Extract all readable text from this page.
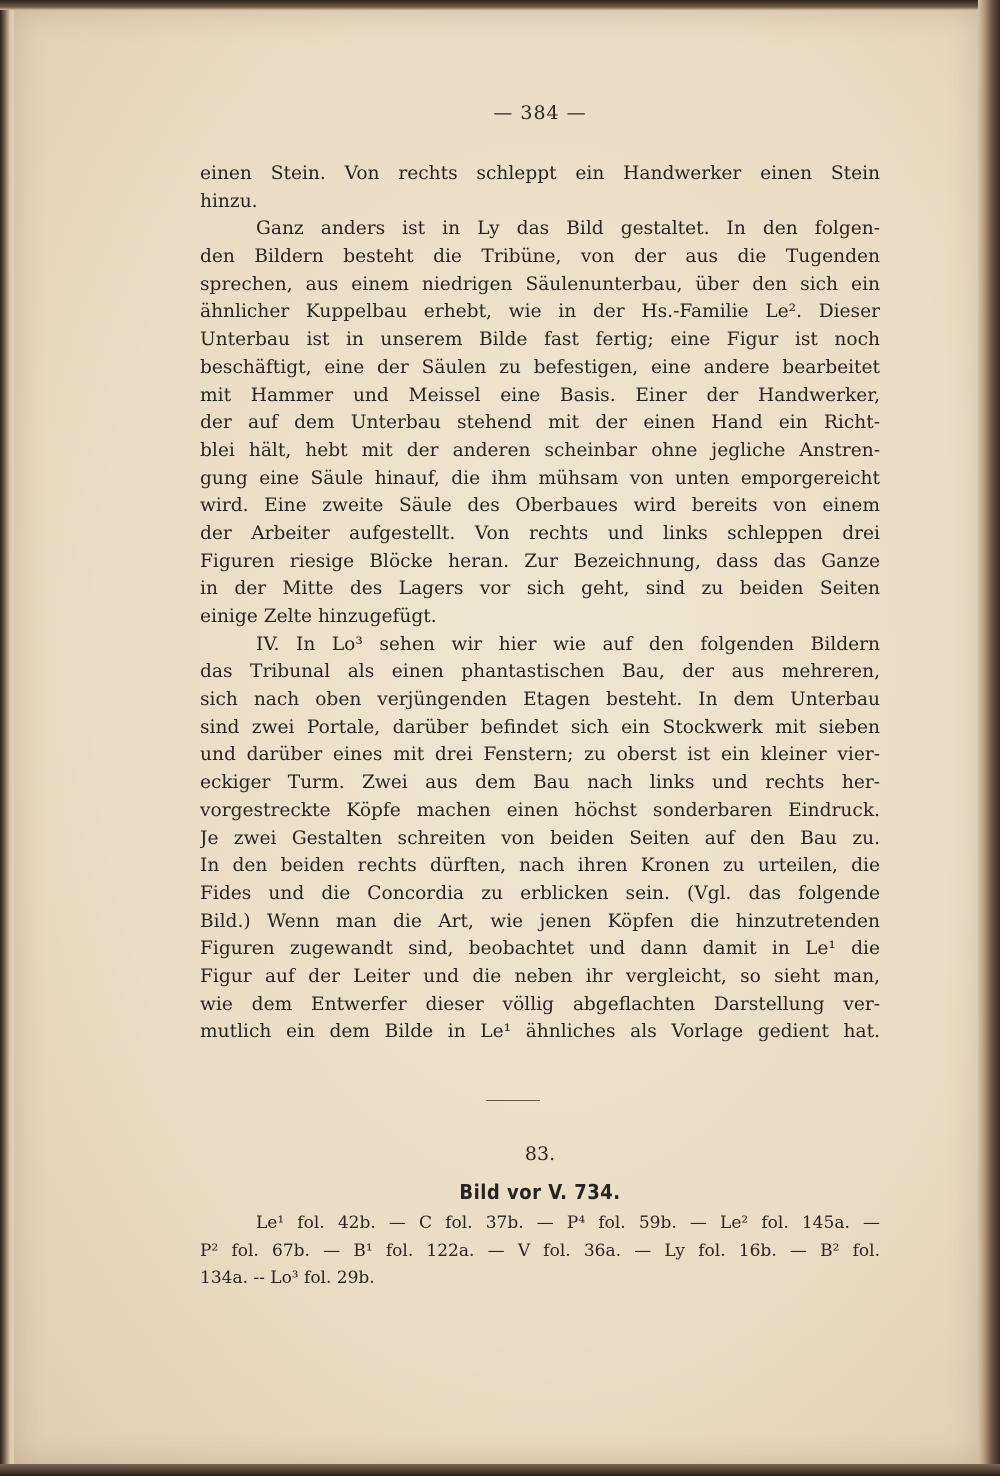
— 384 —
einen Stein. Von rechts schleppt ein Handwerker einen Stein
hinzu.
Ganz anders ist in Ly das Bild gestaltet. In den folgen-
den Bildern besteht die Tribüne, von der aus die Tugenden
sprechen, aus einem niedrigen Säulenunterbau, über den sich ein
ähnlicher Kuppelbau erhebt, wie in der Hs.-Familie Le². Dieser
Unterbau ist in unserem Bilde fast fertig; eine Figur ist noch
beschäftigt, eine der Säulen zu befestigen, eine andere bearbeitet
mit Hammer und Meissel eine Basis. Einer der Handwerker,
der auf dem Unterbau stehend mit der einen Hand ein Richt-
blei hält, hebt mit der anderen scheinbar ohne jegliche Anstren-
gung eine Säule hinauf, die ihm mühsam von unten emporgereicht
wird. Eine zweite Säule des Oberbaues wird bereits von einem
der Arbeiter aufgestellt. Von rechts und links schleppen drei
Figuren riesige Blöcke heran. Zur Bezeichnung, dass das Ganze
in der Mitte des Lagers vor sich geht, sind zu beiden Seiten
einige Zelte hinzugefügt.
IV. In Lo³ sehen wir hier wie auf den folgenden Bildern
das Tribunal als einen phantastischen Bau, der aus mehreren,
sich nach oben verjüngenden Etagen besteht. In dem Unterbau
sind zwei Portale, darüber befindet sich ein Stockwerk mit sieben
und darüber eines mit drei Fenstern; zu oberst ist ein kleiner vier-
eckiger Turm. Zwei aus dem Bau nach links und rechts her-
vorgestreckte Köpfe machen einen höchst sonderbaren Eindruck.
Je zwei Gestalten schreiten von beiden Seiten auf den Bau zu.
In den beiden rechts dürften, nach ihren Kronen zu urteilen, die
Fides und die Concordia zu erblicken sein. (Vgl. das folgende
Bild.) Wenn man die Art, wie jenen Köpfen die hinzutretenden
Figuren zugewandt sind, beobachtet und dann damit in Le¹ die
Figur auf der Leiter und die neben ihr vergleicht, so sieht man,
wie dem Entwerfer dieser völlig abgeflachten Darstellung ver-
mutlich ein dem Bilde in Le¹ ähnliches als Vorlage gedient hat.
83.
Bild vor V. 734.
Le¹ fol. 42b. — C fol. 37b. — P⁴ fol. 59b. — Le² fol. 145a. —
P² fol. 67b. — B¹ fol. 122a. — V fol. 36a. — Ly fol. 16b. — B² fol.
134a. -- Lo³ fol. 29b.
